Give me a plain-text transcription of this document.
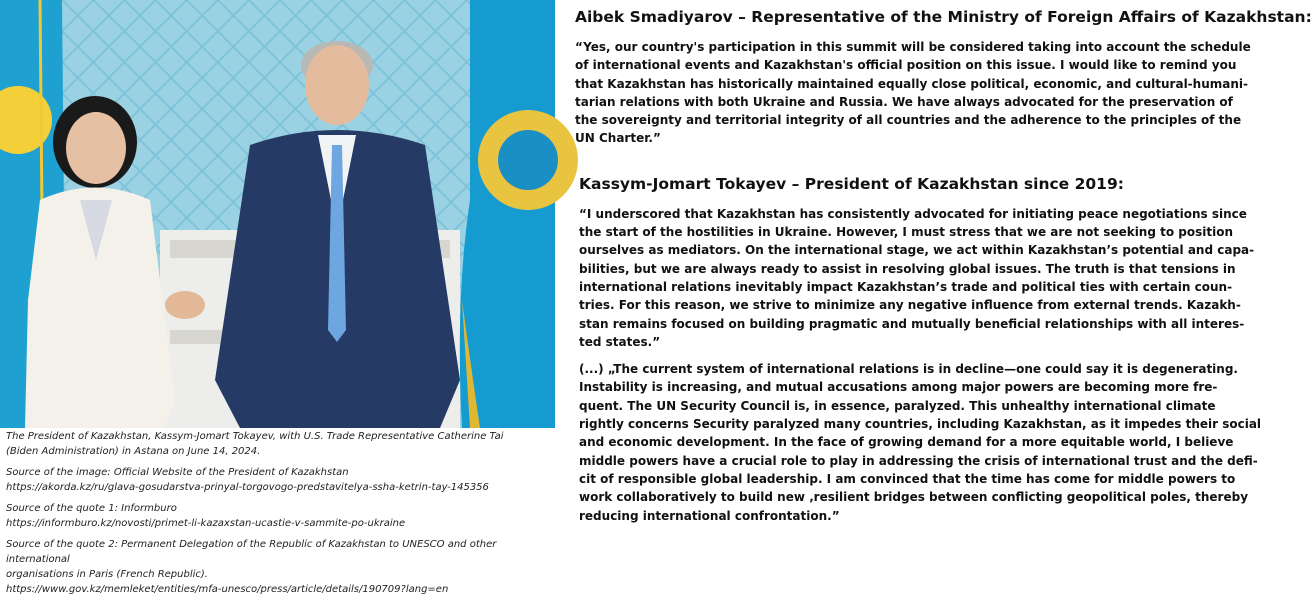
The President of Kazakhstan, Kassym-Jomart Tokayev, with U.S. Trade Representative Catherine Tai
(Biden Administration) in Astana on June 14, 2024.

Source of the image: Official Website of the President of Kazakhstan
https://akorda.kz/ru/glava-gosudarstva-prinyal-torgovogo-predstavitelya-ssha-ketrin-tay-145356

Source of the quote 1: Informburo
https://informburo.kz/novosti/primet-li-kazaxstan-ucastie-v-sammite-po-ukraine

Source of the quote 2: Permanent Delegation of the Republic of Kazakhstan to UNESCO and other international
organisations in Paris (French Republic).
https://www.gov.kz/memleket/entities/mfa-unesco/press/article/details/190709?lang=en

Aibek Smadiyarov – Representative of the Ministry of Foreign Affairs of Kazakhstan:

“Yes, our country's participation in this summit will be considered taking into account the schedule
of international events and Kazakhstan's official position on this issue. I would like to remind you
that Kazakhstan has historically maintained equally close political, economic, and cultural-humani-
tarian relations with both Ukraine and Russia. We have always advocated for the preservation of
the sovereignty and territorial integrity of all countries and the adherence to the principles of the
UN Charter.”

Kassym-Jomart Tokayev – President of Kazakhstan since 2019:

“I underscored that Kazakhstan has consistently advocated for initiating peace negotiations since
the start of the hostilities in Ukraine. However, I must stress that we are not seeking to position
ourselves as mediators. On the international stage, we act within Kazakhstan’s potential and capa-
bilities, but we are always ready to assist in resolving global issues. The truth is that tensions in
international relations inevitably impact Kazakhstan’s trade and political ties with certain coun-
tries. For this reason, we strive to minimize any negative influence from external trends. Kazakh-
stan remains focused on building pragmatic and mutually beneficial relationships with all interes-
ted states.”

(...) „The current system of international relations is in decline—one could say it is degenerating.
Instability is increasing, and mutual accusations among major powers are becoming more fre-
quent. The UN Security Council is, in essence, paralyzed. This unhealthy international climate
rightly concerns Security paralyzed many countries, including Kazakhstan, as it impedes their social
and economic development. In the face of growing demand for a more equitable world, I believe
middle powers have a crucial role to play in addressing the crisis of international trust and the defi-
cit of responsible global leadership. I am convinced that the time has come for middle powers to
work collaboratively to build new ‚resilient bridges between conflicting geopolitical poles, thereby
reducing international confrontation.”
